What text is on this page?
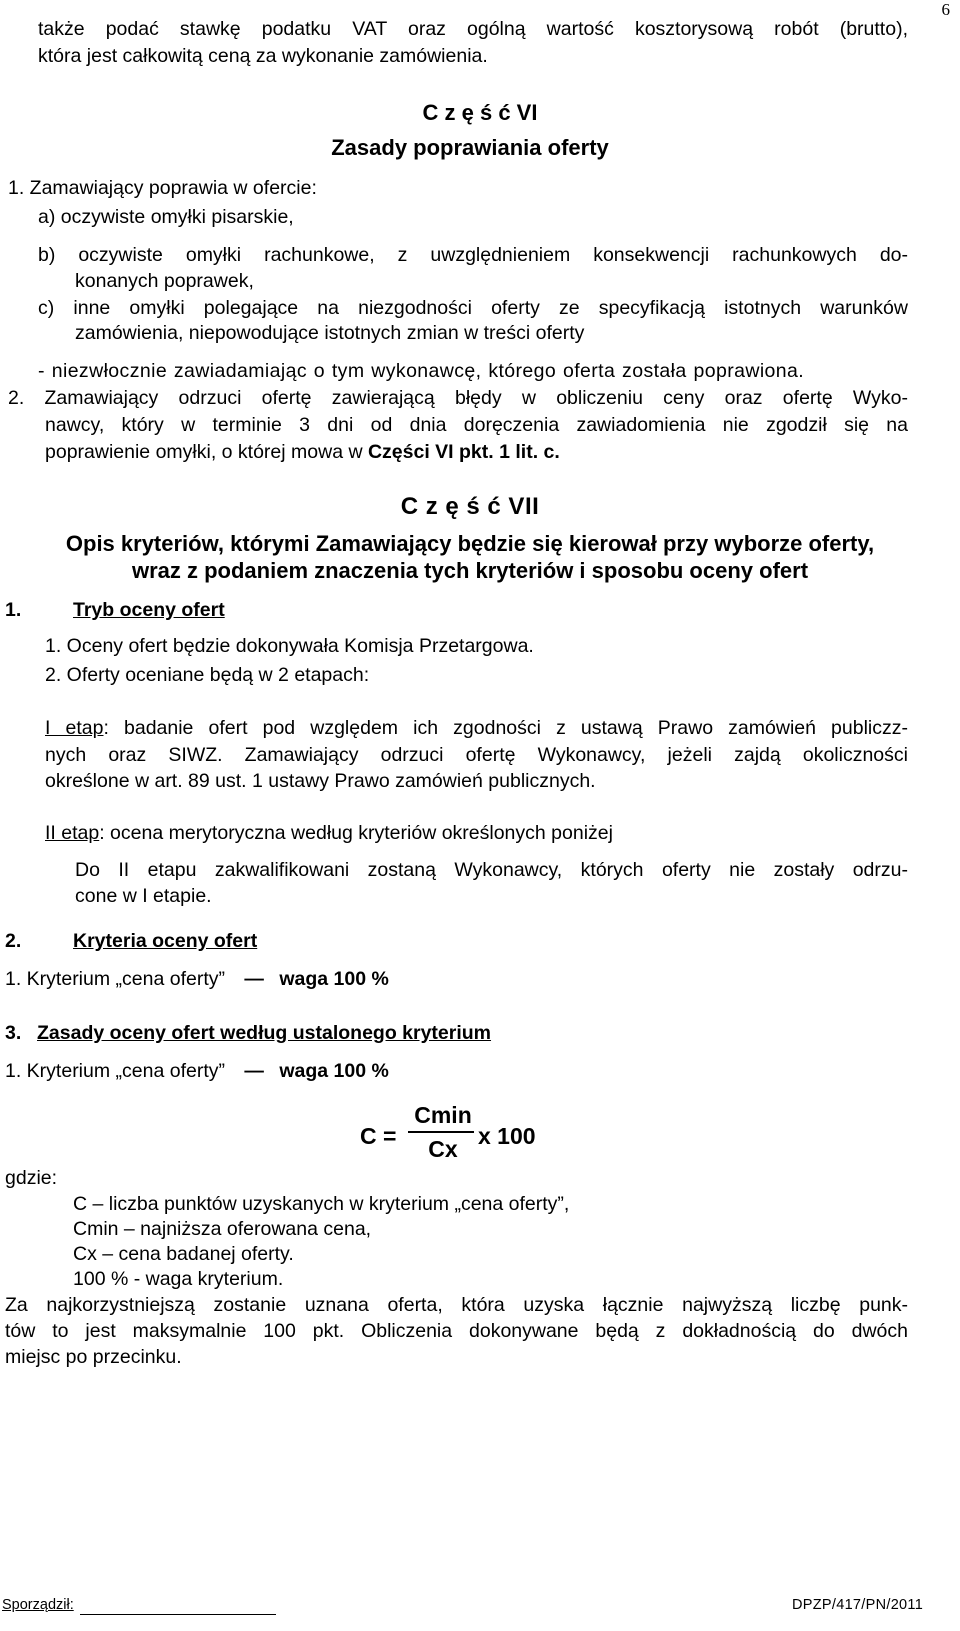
6
także podać stawkę podatku VAT oraz ogólną wartość kosztorysową robót (brutto),
która jest całkowitą ceną za wykonanie zamówienia.
C z ę ś ć VI
Zasady poprawiania oferty
1. Zamawiający poprawia w ofercie:
a) oczywiste omyłki pisarskie,
b) oczywiste omyłki rachunkowe, z uwzględnieniem konsekwencji rachunkowych do-
konanych poprawek,
c) inne omyłki polegające na niezgodności oferty ze specyfikacją istotnych warunków
zamówienia, niepowodujące istotnych zmian w treści oferty
- niezwłocznie zawiadamiając o tym wykonawcę, którego oferta została poprawiona.
2. Zamawiający odrzuci ofertę zawierającą błędy w obliczeniu ceny oraz ofertę Wyko-
nawcy, który w terminie 3 dni od dnia doręczenia zawiadomienia nie zgodził się na
poprawienie omyłki, o której mowa w Części VI pkt. 1 lit. c.
C z ę ś ć VII
Opis kryteriów, którymi Zamawiający będzie się kierował przy wyborze oferty,
wraz z podaniem znaczenia tych kryteriów i sposobu oceny ofert
1.	Tryb oceny ofert
1. Oceny ofert będzie dokonywała Komisja Przetargowa.
2. Oferty oceniane będą w 2 etapach:
I etap: badanie ofert pod względem ich zgodności z ustawą Prawo zamówień publiczz-
nych oraz SIWZ. Zamawiający odrzuci ofertę Wykonawcy, jeżeli zajdą okoliczności
określone w art. 89 ust. 1 ustawy Prawo zamówień publicznych.
II etap: ocena merytoryczna według kryteriów określonych poniżej
Do II etapu zakwalifikowani zostaną Wykonawcy, których oferty nie zostały odrzu-
cone w I etapie.
2.	Kryteria oceny ofert
1. Kryterium „cena oferty” — waga 100 %
3. Zasady oceny ofert według ustalonego kryterium
1. Kryterium „cena oferty” — waga 100 %
C =
Cmin
Cx x 100
gdzie:
C – liczba punktów uzyskanych w kryterium „cena oferty”,
Cmin – najniższa oferowana cena,
Cx – cena badanej oferty.
100 % - waga kryterium.
Za najkorzystniejszą zostanie uznana oferta, która uzyska łącznie najwyższą liczbę punk-
tów to jest maksymalnie 100 pkt. Obliczenia dokonywane będą z dokładnością do dwóch
miejsc po przecinku.
Sporządził:	DPZP/417/PN/2011
